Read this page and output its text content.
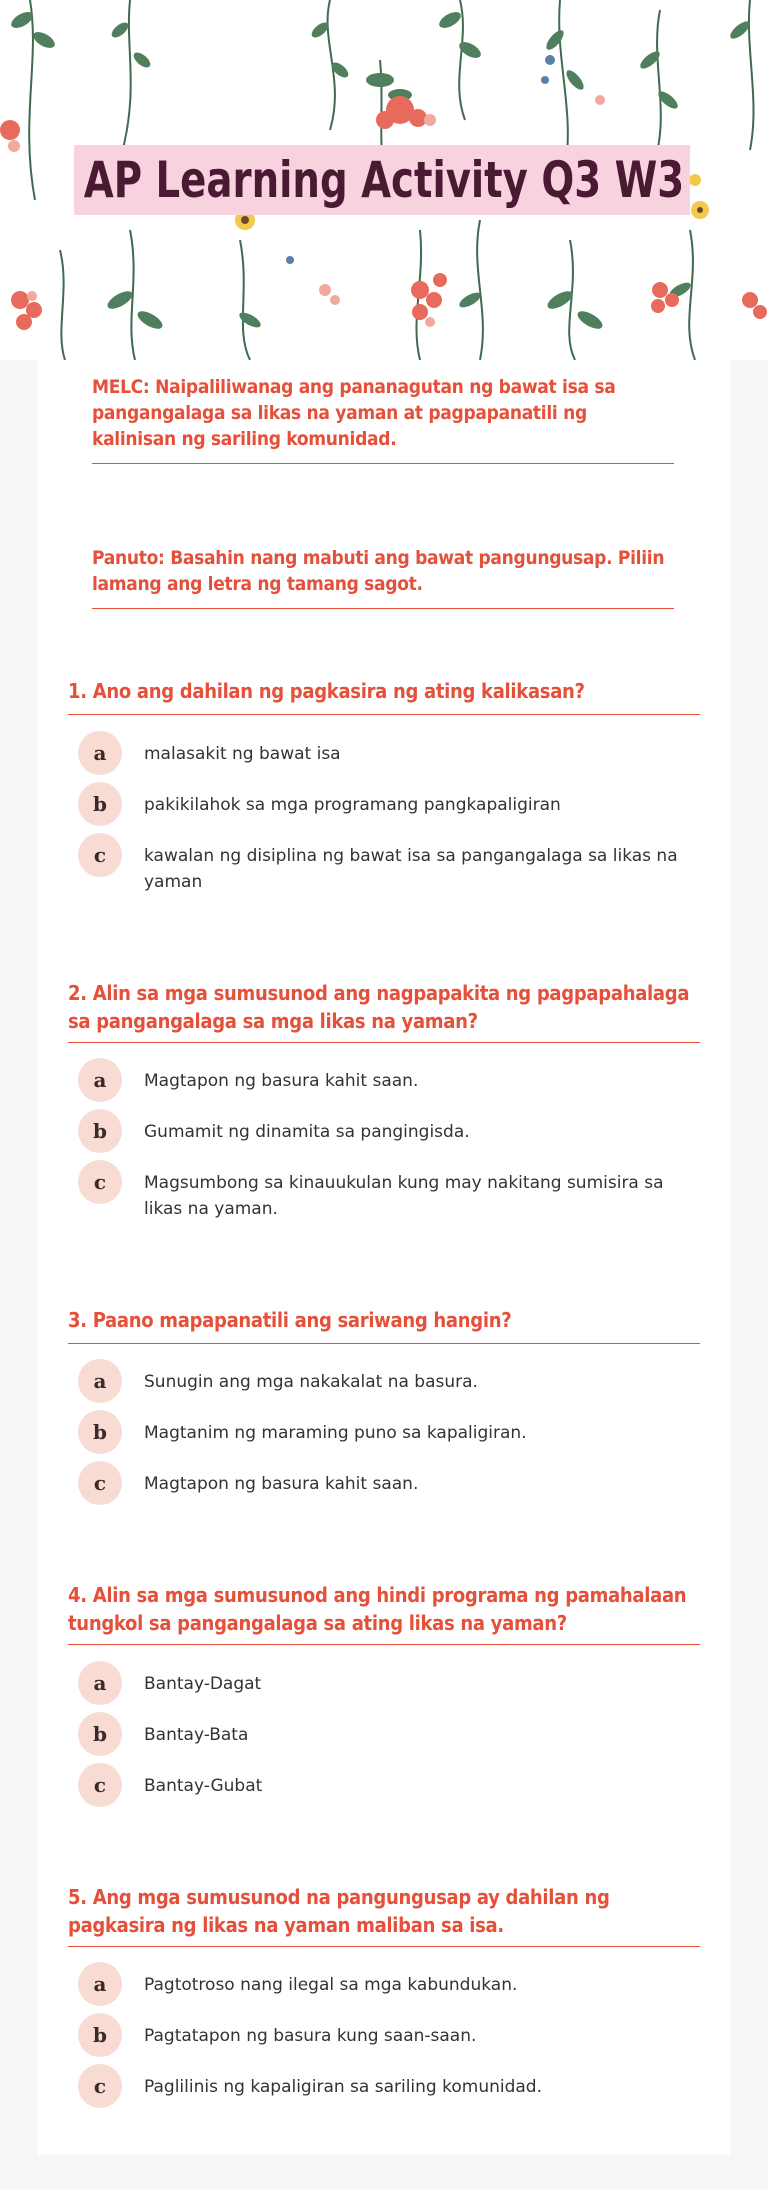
AP Learning Activity Q3 W3
MELC: Naipaliliwanag ang pananagutan ng bawat isa sa pangangalaga sa likas na yaman at pagpapanatili ng kalinisan ng sariling komunidad.
Panuto: Basahin nang mabuti ang bawat pangungusap. Piliin lamang ang letra ng tamang sagot.
1. Ano ang dahilan ng pagkasira ng ating kalikasan?
a	malasakit ng bawat isa
b	pakikilahok sa mga programang pangkapaligiran
c	kawalan ng disiplina ng bawat isa sa pangangalaga sa likas na yaman
2. Alin sa mga sumusunod ang nagpapakita ng pagpapahalaga sa pangangalaga sa mga likas na yaman?
a	Magtapon ng basura kahit saan.
b	Gumamit ng dinamita sa pangingisda.
c	Magsumbong sa kinauukulan kung may nakitang sumisira sa likas na yaman.
3. Paano mapapanatili ang sariwang hangin?
a	Sunugin ang mga nakakalat na basura.
b	Magtanim ng maraming puno sa kapaligiran.
c	Magtapon ng basura kahit saan.
4. Alin sa mga sumusunod ang hindi programa ng pamahalaan tungkol sa pangangalaga sa ating likas na yaman?
a	Bantay-Dagat
b	Bantay-Bata
c	Bantay-Gubat
5. Ang mga sumusunod na pangungusap ay dahilan ng pagkasira ng likas na yaman maliban sa isa.
a	Pagtotroso nang ilegal sa mga kabundukan.
b	Pagtatapon ng basura kung saan-saan.
c	Paglilinis ng kapaligiran sa sariling komunidad.
